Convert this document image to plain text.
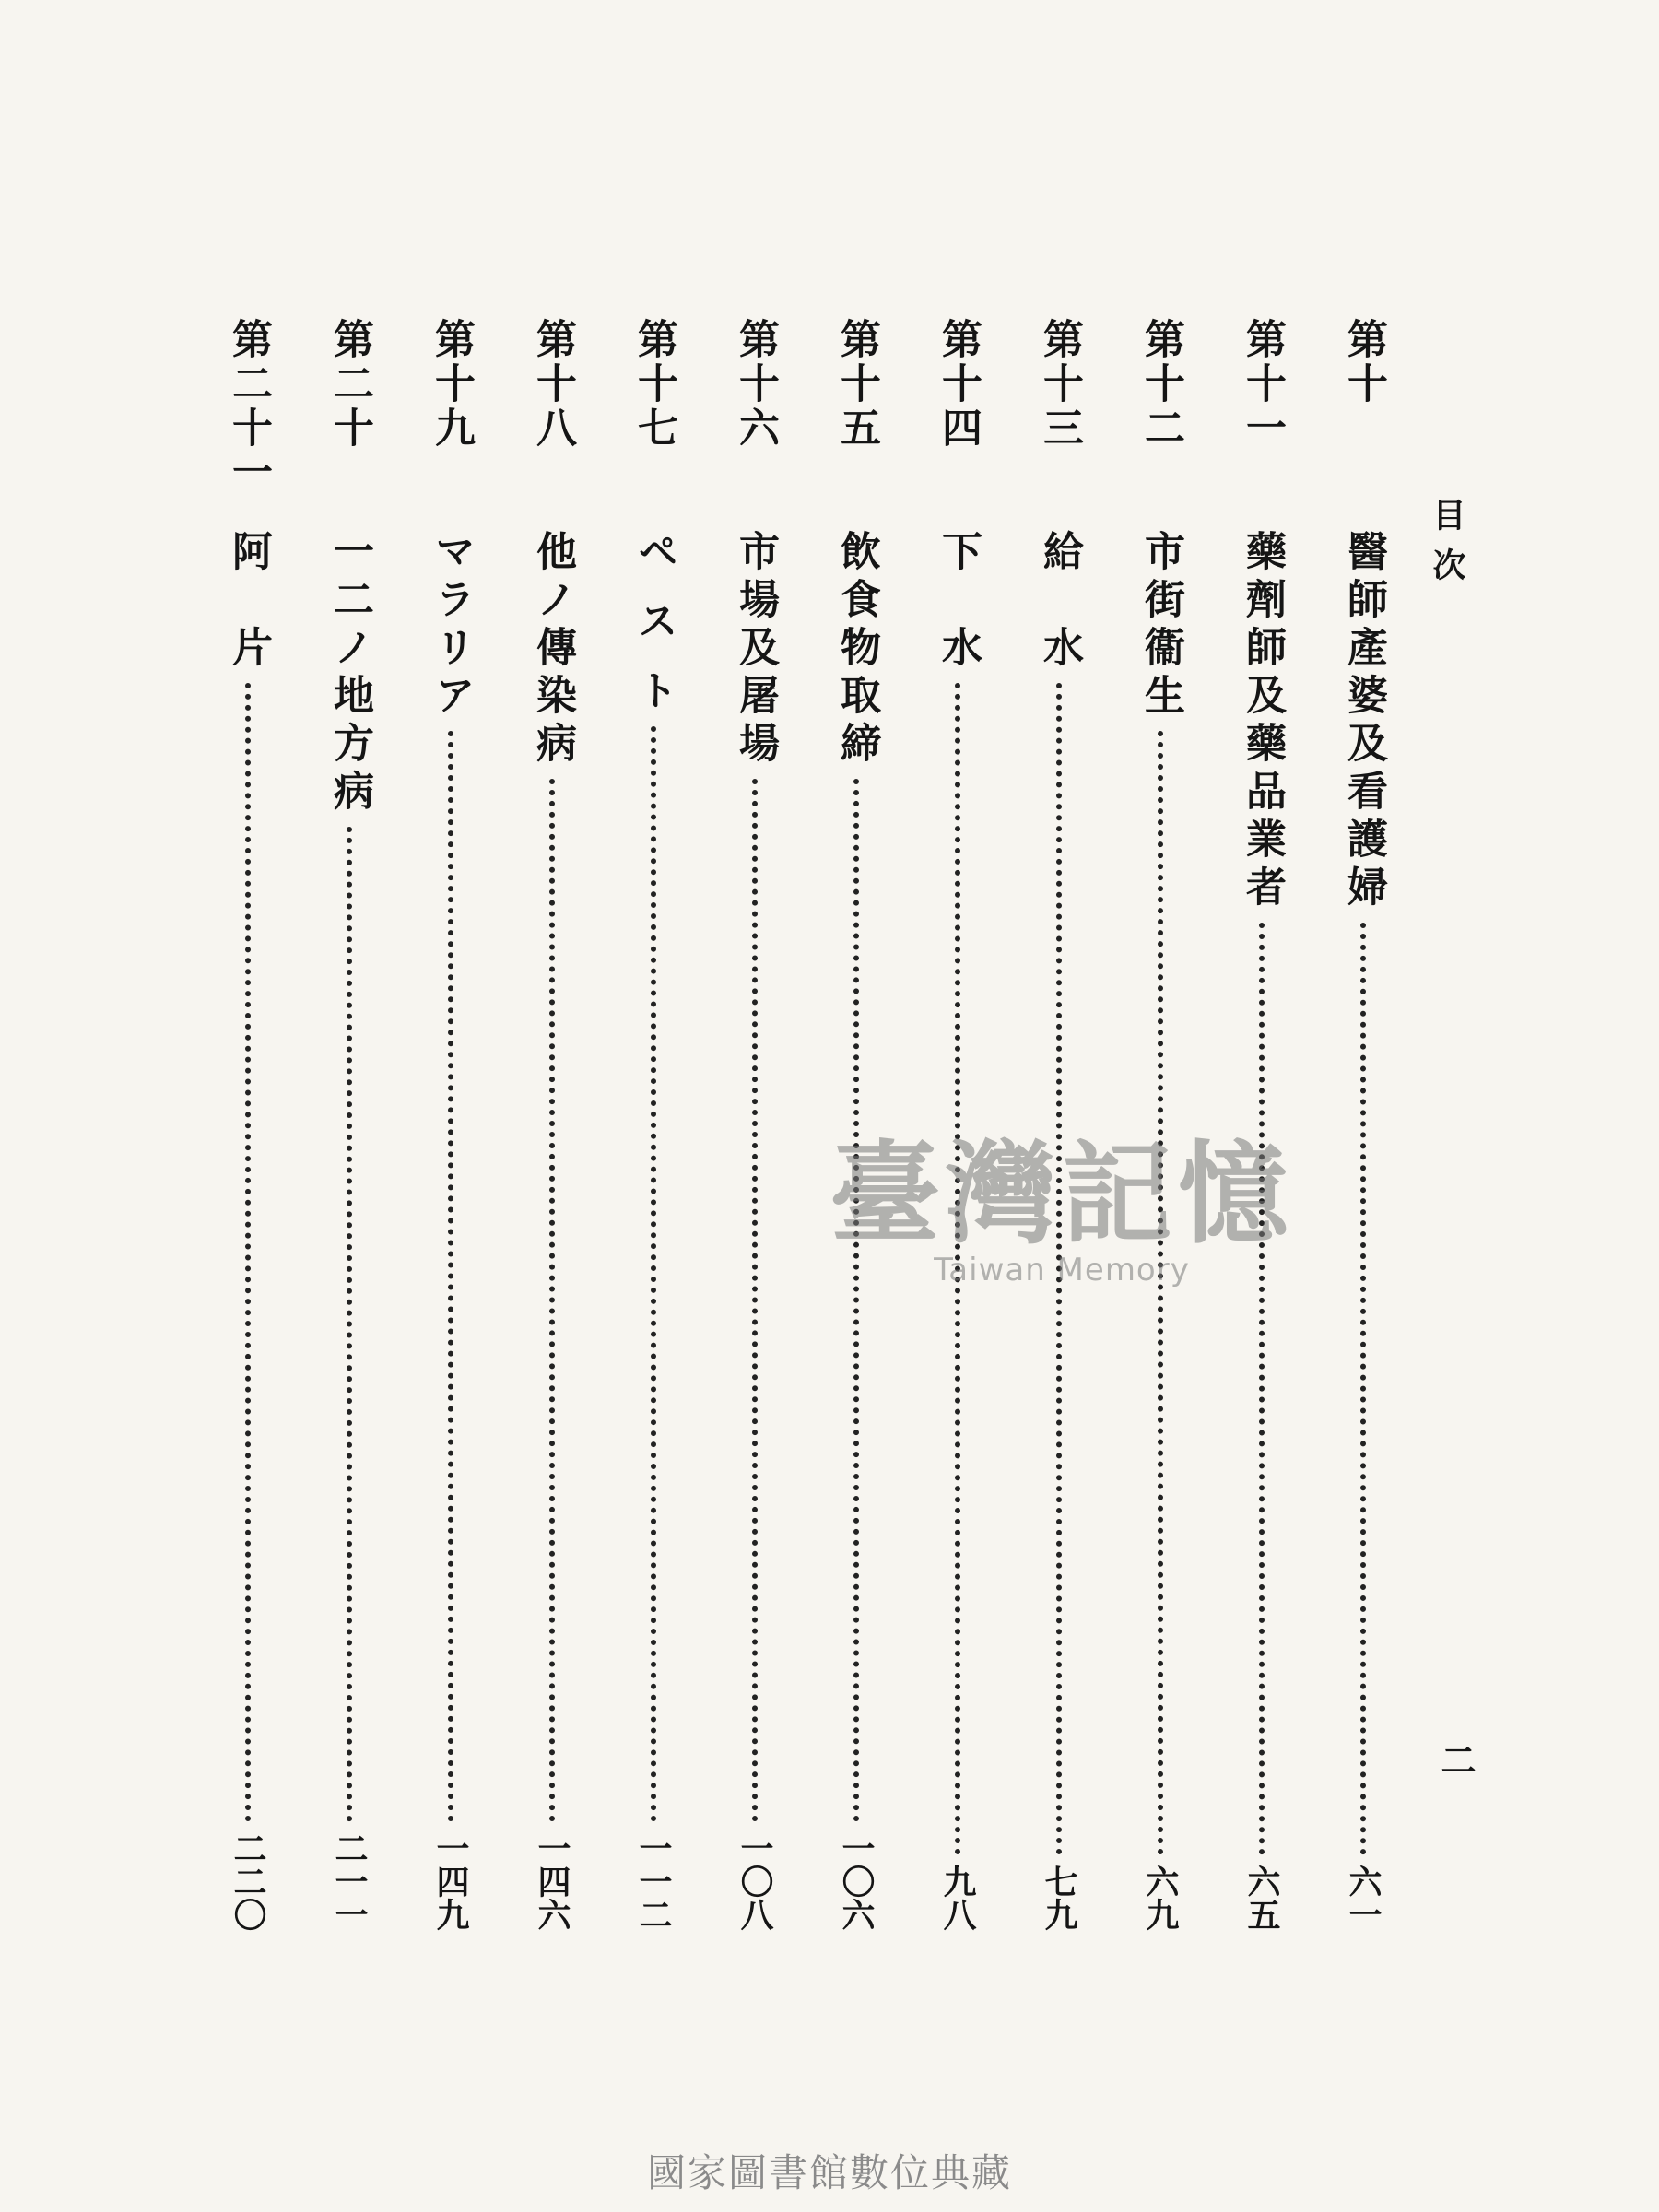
目次
二
第十
醫師產婆及看護婦
六一
第十一
藥劑師及藥品業者
六五
第十二
市街衞生
六九
第十三
給　水
七九
第十四
下　水
九八
第十五
飲食物取締
一〇六
第十六
市場及屠場
一〇八
第十七
ペ ス ト
一一二
第十八
他ノ傳染病
一四六
第十九
マラリア
一四九
第二十
一二ノ地方病
二一一
第二十一
阿　片
二二〇
臺灣記憶
Taiwan Memory
國家圖書館數位典藏
